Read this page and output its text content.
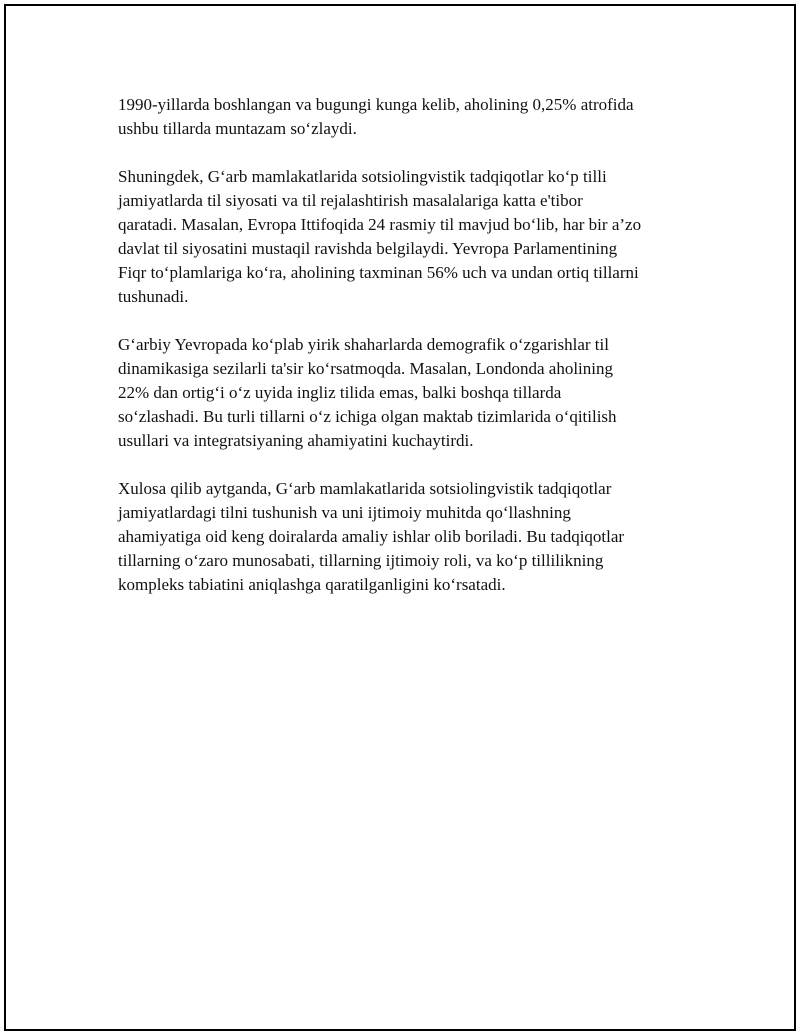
1990-yillarda boshlangan va bugungi kunga kelib, aholining 0,25% atrofida
ushbu tillarda muntazam so‘zlaydi.

Shuningdek, G‘arb mamlakatlarida sotsiolingvistik tadqiqotlar ko‘p tilli
jamiyatlarda til siyosati va til rejalashtirish masalalariga katta e'tibor
qaratadi. Masalan, Evropa Ittifoqida 24 rasmiy til mavjud bo‘lib, har bir a’zo
davlat til siyosatini mustaqil ravishda belgilaydi. Yevropa Parlamentining
Fiqr to‘plamlariga ko‘ra, aholining taxminan 56% uch va undan ortiq tillarni
tushunadi.

G‘arbiy Yevropada ko‘plab yirik shaharlarda demografik o‘zgarishlar til
dinamikasiga sezilarli ta'sir ko‘rsatmoqda. Masalan, Londonda aholining
22% dan ortig‘i o‘z uyida ingliz tilida emas, balki boshqa tillarda
so‘zlashadi. Bu turli tillarni o‘z ichiga olgan maktab tizimlarida o‘qitilish
usullari va integratsiyaning ahamiyatini kuchaytirdi.

Xulosa qilib aytganda, G‘arb mamlakatlarida sotsiolingvistik tadqiqotlar
jamiyatlardagi tilni tushunish va uni ijtimoiy muhitda qo‘llashning
ahamiyatiga oid keng doiralarda amaliy ishlar olib boriladi. Bu tadqiqotlar
tillarning o‘zaro munosabati, tillarning ijtimoiy roli, va ko‘p tillilikning
kompleks tabiatini aniqlashga qaratilganligini ko‘rsatadi.
